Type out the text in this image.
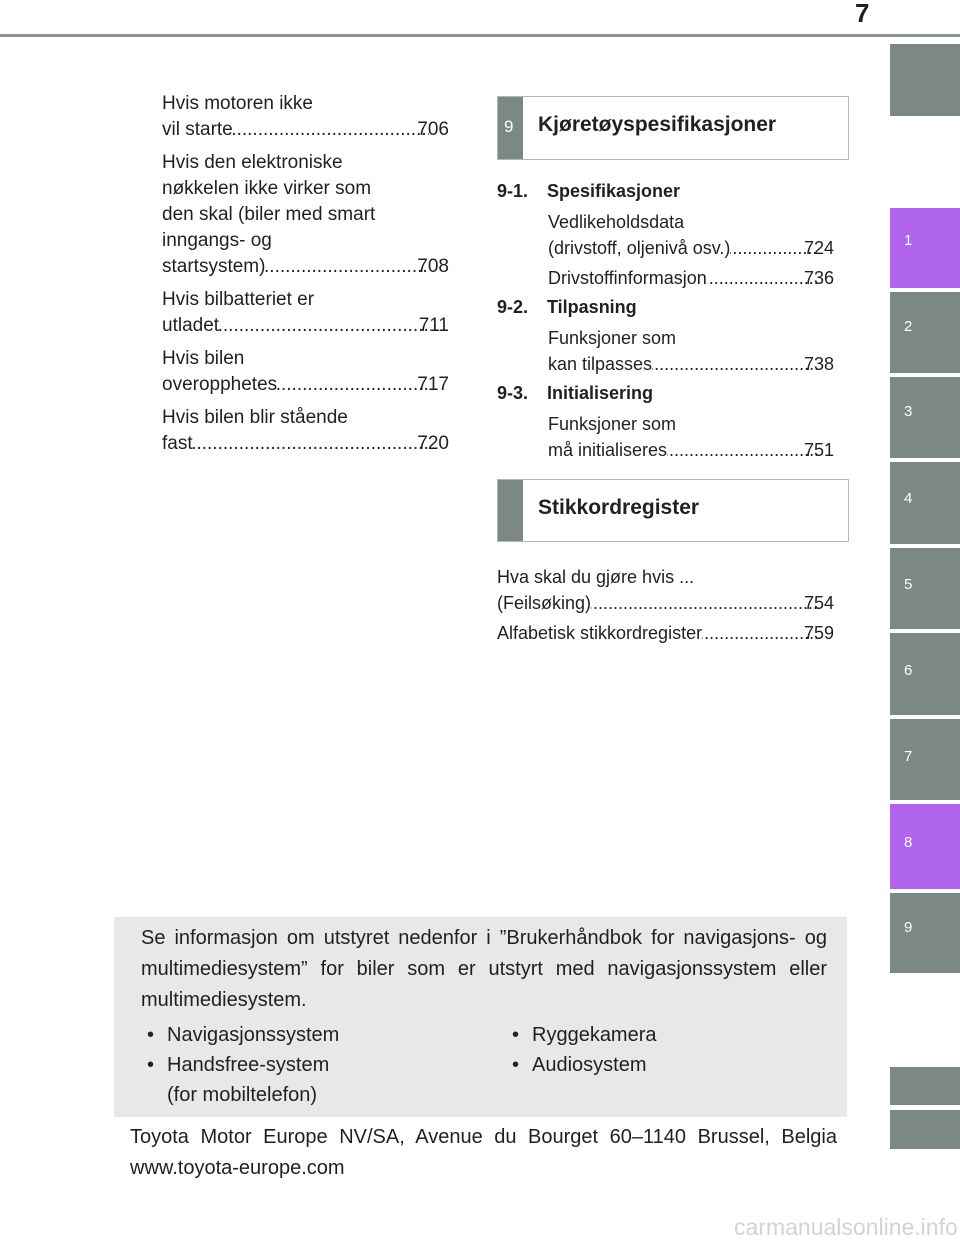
7
1
2
3
4
5
6
7
8
9
Hvis motoren ikke
vil starte .....	706
Hvis den elektroniske
nøkkelen ikke virker som
den skal (biler med smart
inngangs- og
startsystem) .....	708
Hvis bilbatteriet er
utladet .....	711
Hvis bilen
overopphetes .....	717
Hvis bilen blir stående
fast .....	720
9 Kjøretøyspesifikasjoner
9-1. Spesifikasjoner
Vedlikeholdsdata
(drivstoff, oljenivå osv.) .....	724
Drivstoffinformasjon .....	736
9-2. Tilpasning
Funksjoner som
kan tilpasses .....	738
9-3. Initialisering
Funksjoner som
må initialiseres .....	751
Stikkordregister
Hva skal du gjøre hvis ...
(Feilsøking) .....	754
Alfabetisk stikkordregister .....	759
Se informasjon om utstyret nedenfor i ”Brukerhåndbok for navigasjons- og multimediesystem” for biler som er utstyrt med navigasjonssystem eller multimediesystem.
• Navigasjonssystem
• Handsfree-system
(for mobiltelefon)
• Ryggekamera
• Audiosystem
Toyota Motor Europe NV/SA, Avenue du Bourget 60–1140 Brussel, Belgia www.toyota-europe.com
carmanualsonline.info
